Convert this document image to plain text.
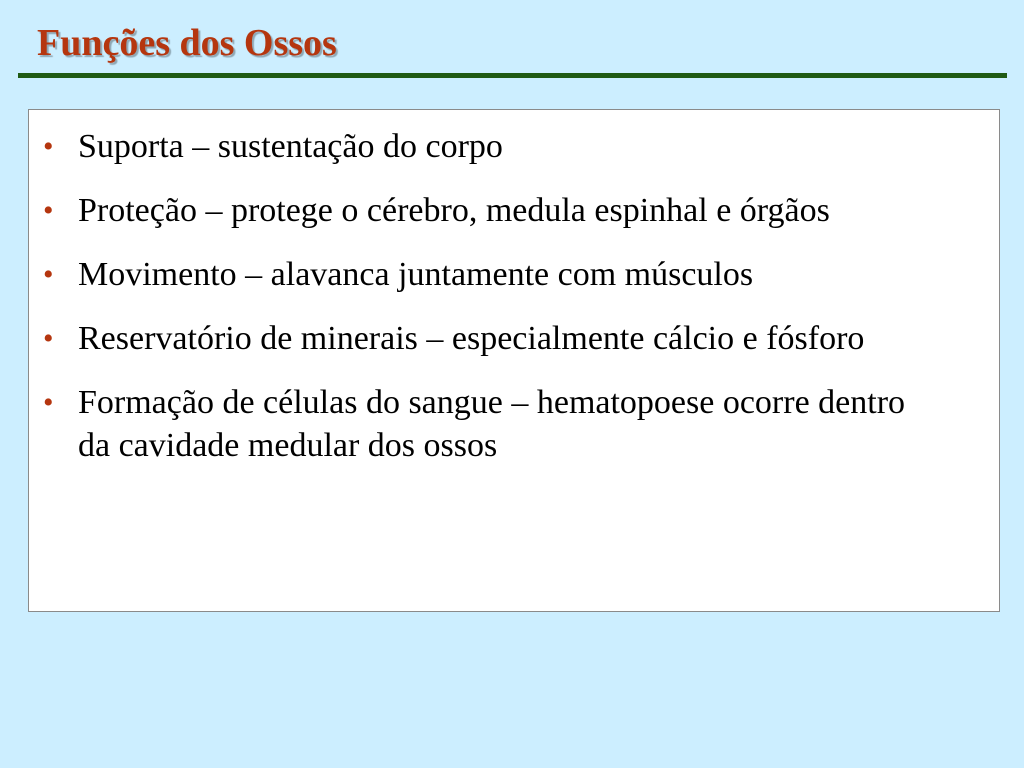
Funções dos Ossos
• Suporta – sustentação do corpo
• Proteção – protege o cérebro, medula espinhal e órgãos
• Movimento – alavanca juntamente com músculos
• Reservatório de minerais – especialmente cálcio e fósforo
• Formação de células do sangue – hematopoese ocorre dentro da cavidade medular dos ossos
